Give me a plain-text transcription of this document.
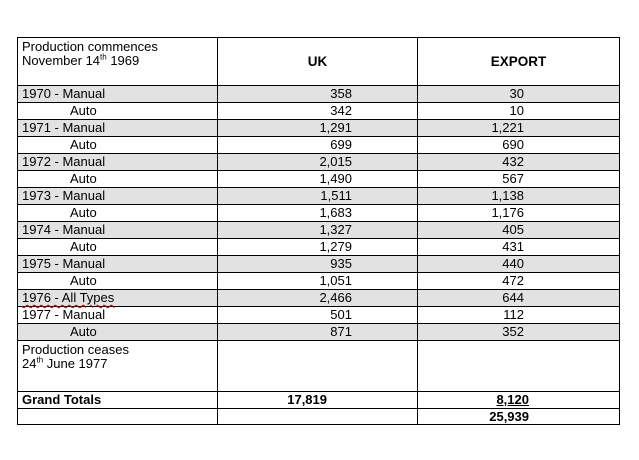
Production commences
November 14th 1969	UK	EXPORT
1970 - Manual	358	30
Auto	342	10
1971 - Manual	1,291	1,221
Auto	699	690
1972 - Manual	2,015	432
Auto	1,490	567
1973 - Manual	1,511	1,138
Auto	1,683	1,176
1974 - Manual	1,327	405
Auto	1,279	431
1975 - Manual	935	440
Auto	1,051	472
1976 - All Types	2,466	644
1977 - Manual	501	112
Auto	871	352

Production ceases
24th June 1977		

Grand Totals	17,819	8,120
		25,939
